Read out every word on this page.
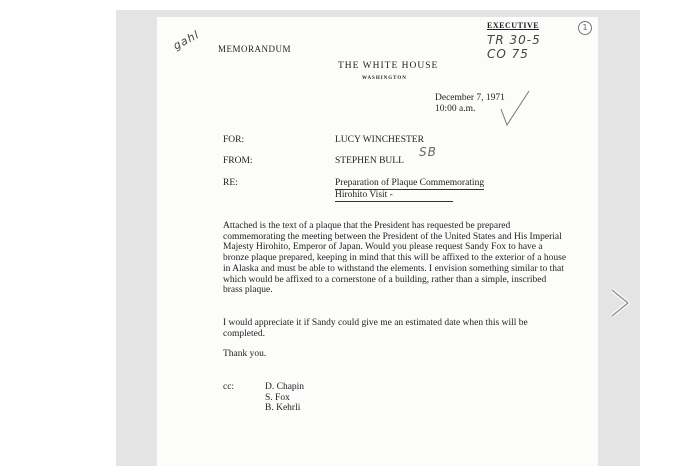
gahl MEMORANDUM
THE WHITE HOUSE
WASHINGTON
EXECUTIVE
TR 30-5
CO 75
1
December 7, 1971
10:00 a.m.
FOR:	LUCY WINCHESTER
FROM:	STEPHEN BULL
SB
RE:	Preparation of Plaque Commemorating
Hirohito Visit -
Attached is the text of a plaque that the President has requested be prepared commemorating the meeting between the President of the United States and His Imperial Majesty Hirohito, Emperor of Japan. Would you please request Sandy Fox to have a bronze plaque prepared, keeping in mind that this will be affixed to the exterior of a house in Alaska and must be able to withstand the elements. I envision something similar to that which would be affixed to a cornerstone of a building, rather than a simple, inscribed brass plaque.
I would appreciate it if Sandy could give me an estimated date when this will be completed.
Thank you.
cc:	D. Chapin
S. Fox
B. Kehrli
